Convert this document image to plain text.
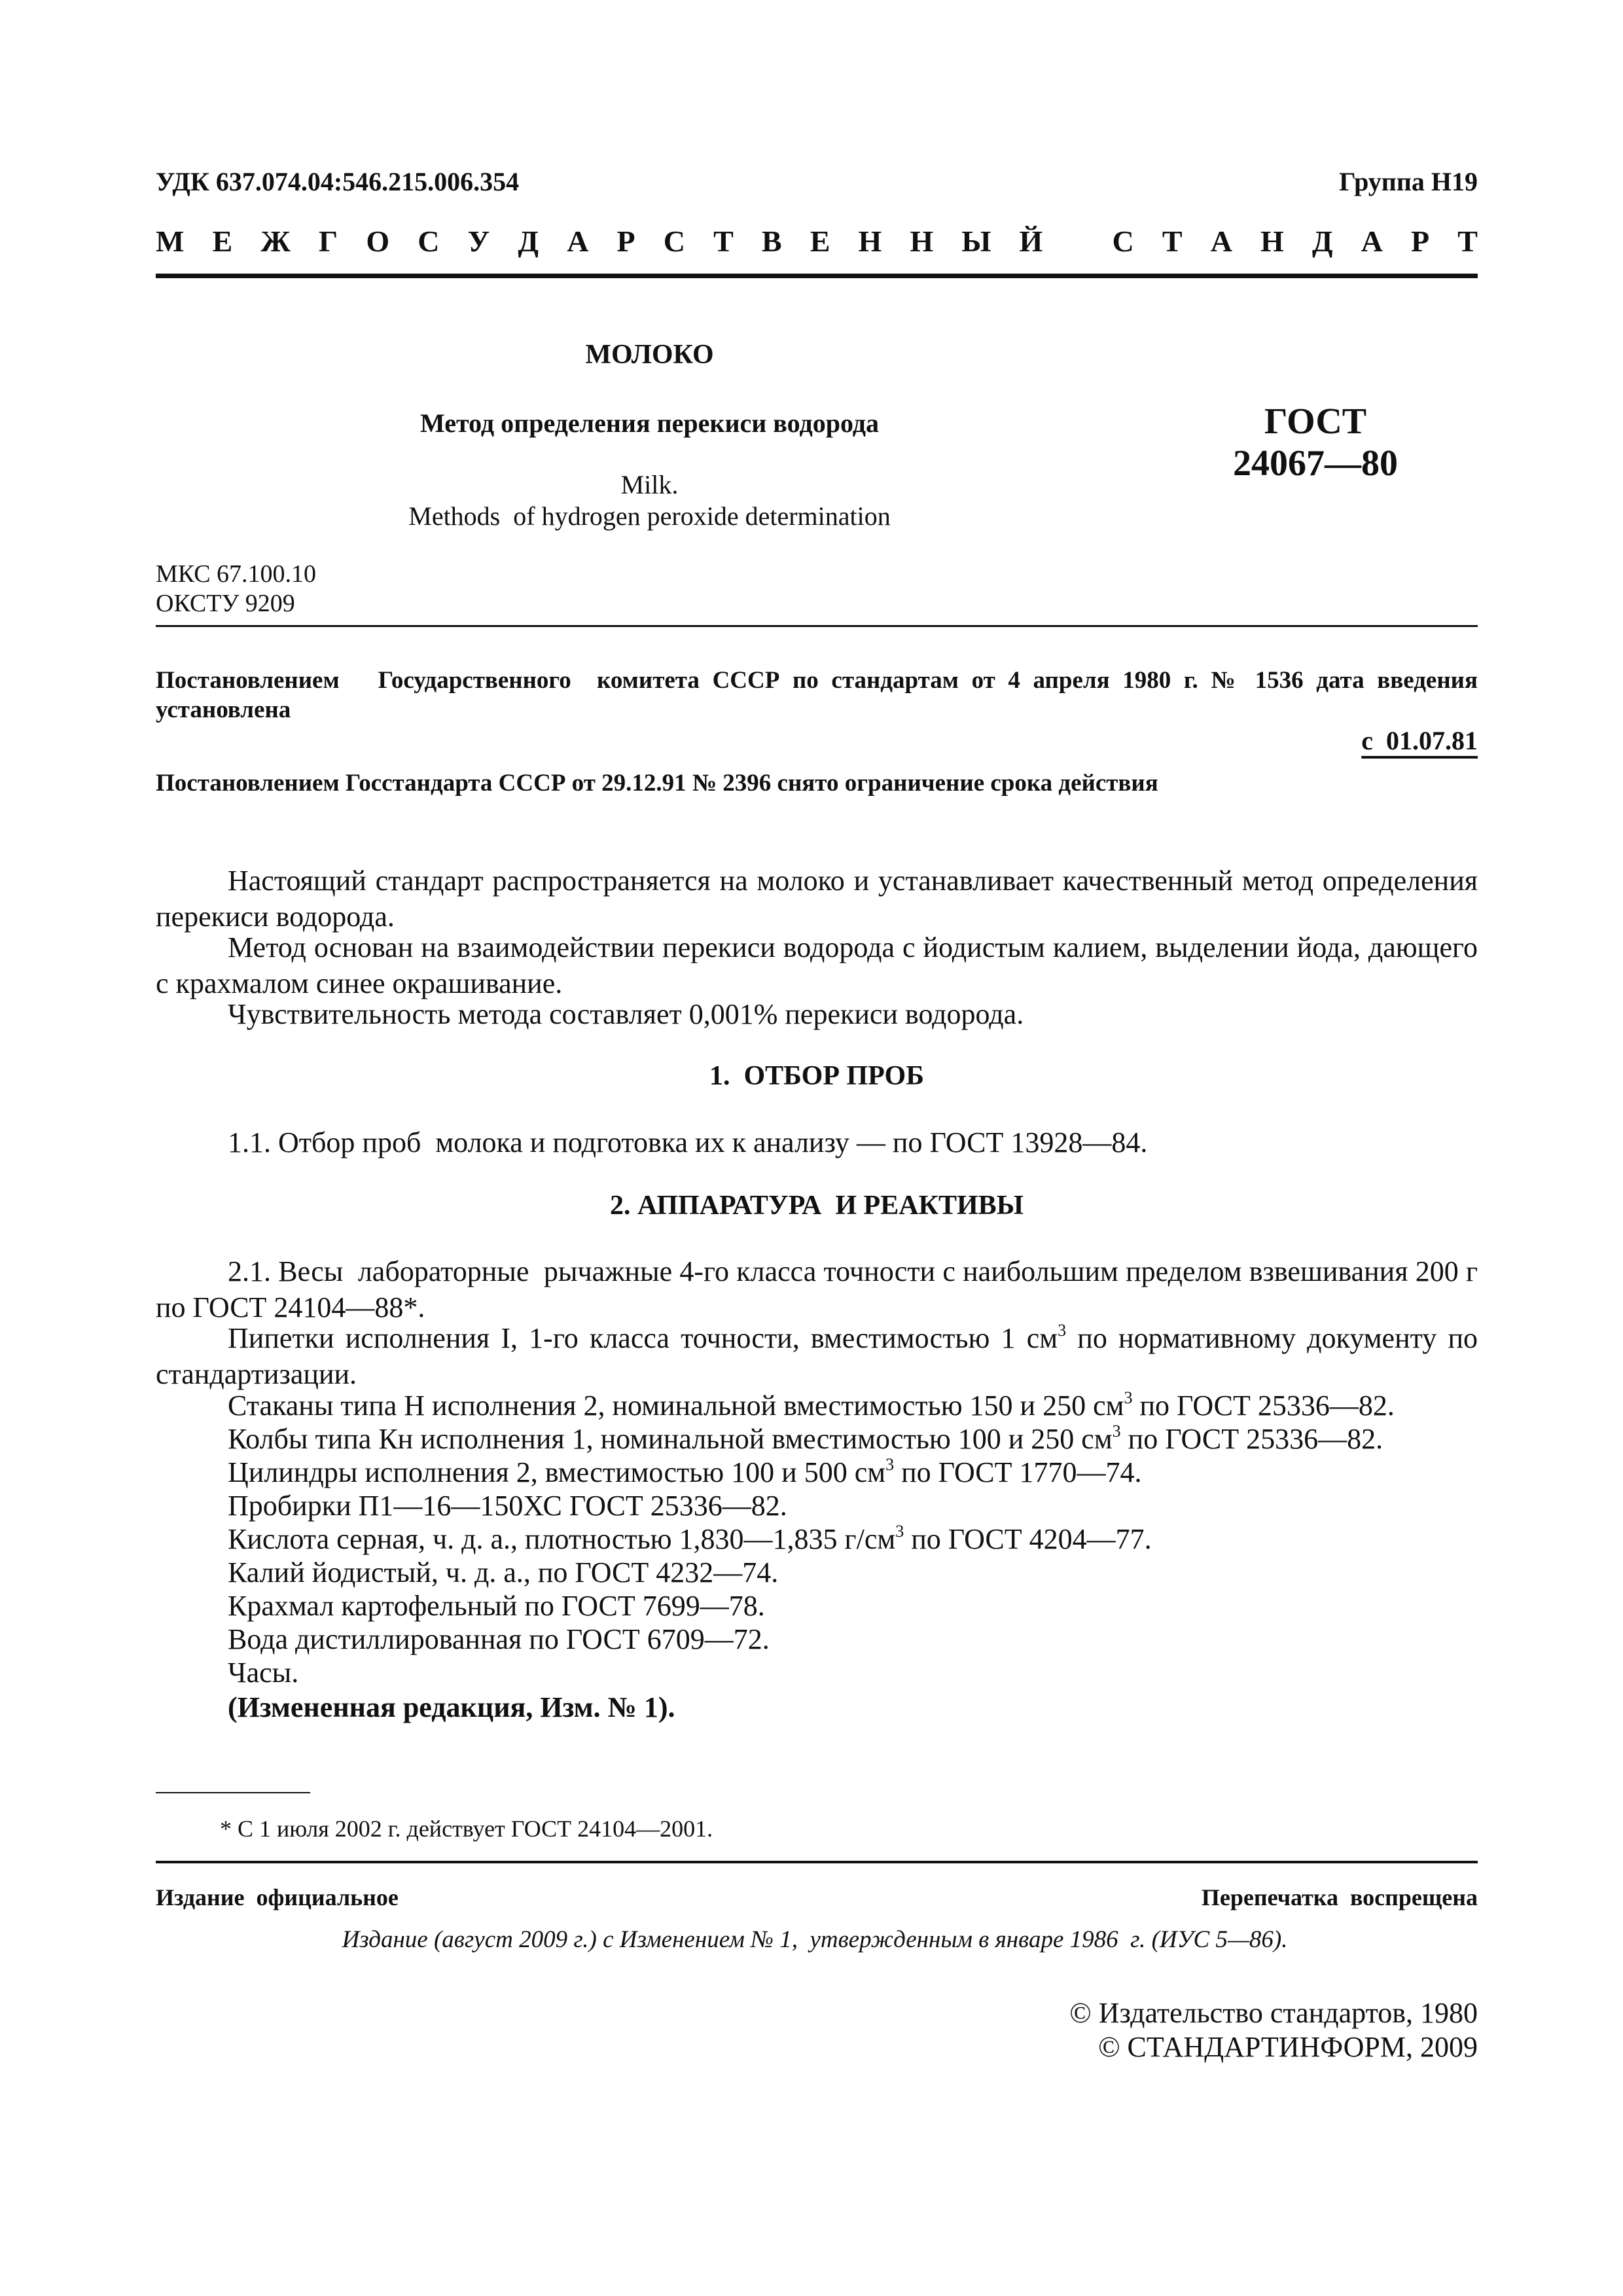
УДК 637.074.04:546.215.006.354	Группа Н19
М Е Ж Г О С У Д А Р С Т В Е Н Н Ы Й С Т А Н Д А Р Т
МОЛОКО
Метод определения перекиси водорода
Milk.
Methods  of hydrogen peroxide determination
ГОСТ
24067—80
МКС 67.100.10
ОКСТУ 9209
Постановлением   Государственного  комитета СССР по стандартам от 4 апреля 1980 г. № 1536 дата введения
установлена
с  01.07.81
Постановлением Госстандарта СССР от 29.12.91 № 2396 снято ограничение срока действия
Настоящий стандарт распространяется на молоко и устанавливает качественный метод определения перекиси водорода.
Метод основан на взаимодействии перекиси водорода с йодистым калием, выделении йода, дающего с крахмалом синее окрашивание.
Чувствительность метода составляет 0,001% перекиси водорода.
1.  ОТБОР ПРОБ
1.1. Отбор проб  молока и подготовка их к анализу — по ГОСТ 13928—84.
2. АППАРАТУРА  И РЕАКТИВЫ
2.1. Весы  лабораторные  рычажные 4-го класса точности с наибольшим пределом взвешивания 200 г по ГОСТ 24104—88*.
Пипетки исполнения I, 1-го класса точности, вместимостью 1 $см^3$ по нормативному документу по стандартизации.
Стаканы типа Н исполнения 2, номинальной вместимостью 150 и 250 $см^3$ по ГОСТ 25336—82.
Колбы типа Кн исполнения 1, номинальной вместимостью 100 и 250 $см^3$ по ГОСТ 25336—82.
Цилиндры исполнения 2, вместимостью 100 и 500 $см^3$ по ГОСТ 1770—74.
Пробирки П1—16—150ХС ГОСТ 25336—82.
Кислота серная, ч. д. а., плотностью 1,830—1,835 $г/см^3$ по ГОСТ 4204—77.
Калий йодистый, ч. д. а., по ГОСТ 4232—74.
Крахмал картофельный по ГОСТ 7699—78.
Вода дистиллированная по ГОСТ 6709—72.
Часы.
(Измененная редакция, Изм. № 1).
* С 1 июля 2002 г. действует ГОСТ 24104—2001.
Издание  официальное	Перепечатка  воспрещена
Издание (август 2009 г.) с Изменением № 1,  утвержденным в январе 1986  г. (ИУС 5—86).
© Издательство стандартов, 1980
© СТАНДАРТИНФОРМ, 2009
